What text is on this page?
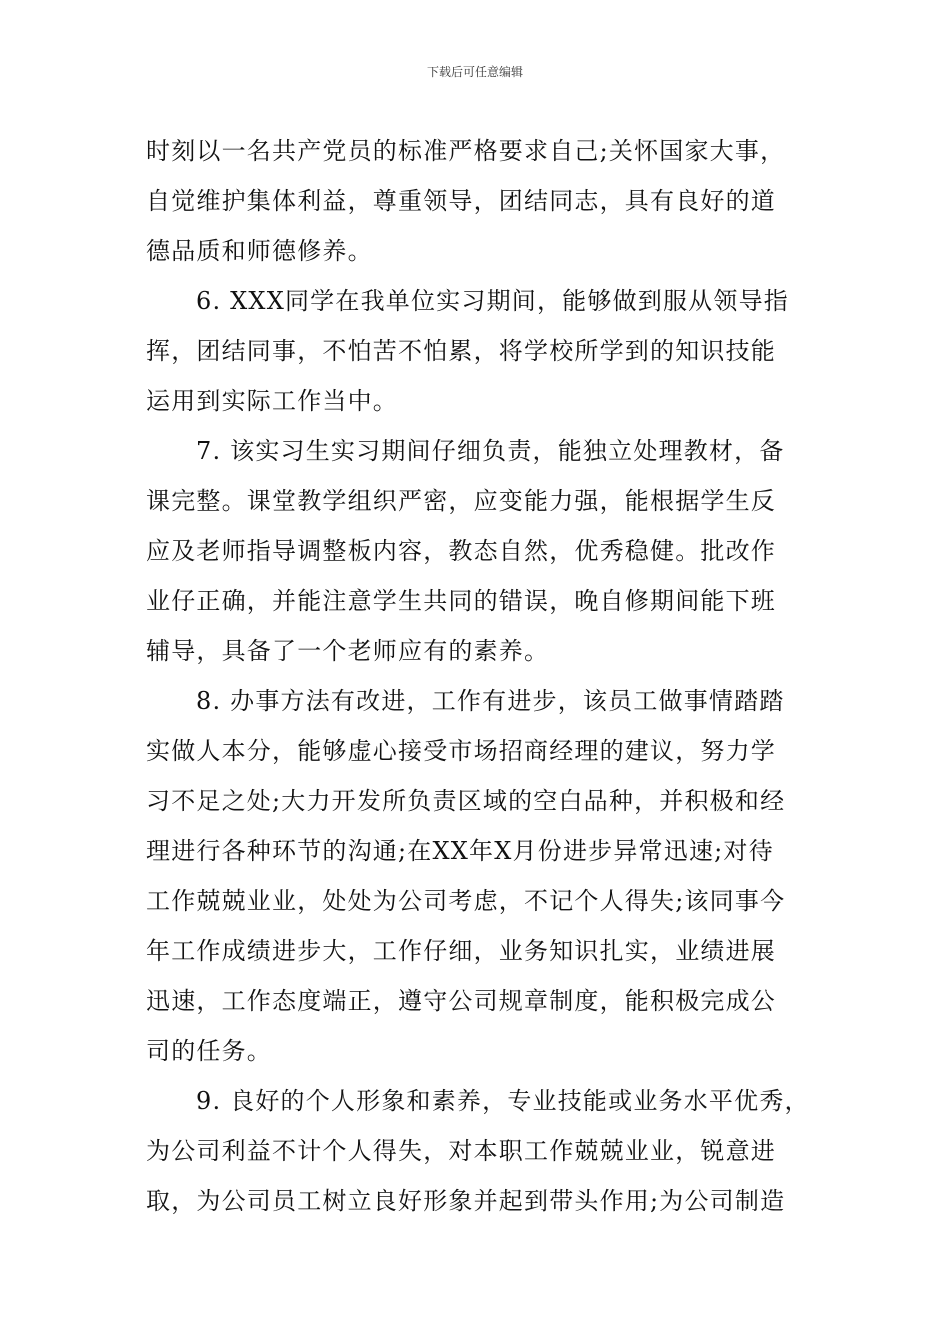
下载后可任意编辑
时刻以一名共产党员的标准严格要求自己;关怀国家大事，
自觉维护集体利益，尊重领导，团结同志，具有良好的道
德品质和师德修养。
6. XXX同学在我单位实习期间，能够做到服从领导指
挥，团结同事，不怕苦不怕累，将学校所学到的知识技能
运用到实际工作当中。
7. 该实习生实习期间仔细负责，能独立处理教材，备
课完整。课堂教学组织严密，应变能力强，能根据学生反
应及老师指导调整板内容，教态自然，优秀稳健。批改作
业仔正确，并能注意学生共同的错误，晚自修期间能下班
辅导，具备了一个老师应有的素养。
8. 办事方法有改进，工作有进步，该员工做事情踏踏
实做人本分，能够虚心接受市场招商经理的建议，努力学
习不足之处;大力开发所负责区域的空白品种，并积极和经
理进行各种环节的沟通;在XX年X月份进步异常迅速;对待
工作兢兢业业，处处为公司考虑，不记个人得失;该同事今
年工作成绩进步大，工作仔细，业务知识扎实，业绩进展
迅速，工作态度端正，遵守公司规章制度，能积极完成公
司的任务。
9. 良好的个人形象和素养，专业技能或业务水平优秀，
为公司利益不计个人得失，对本职工作兢兢业业，锐意进
取，为公司员工树立良好形象并起到带头作用;为公司制造
